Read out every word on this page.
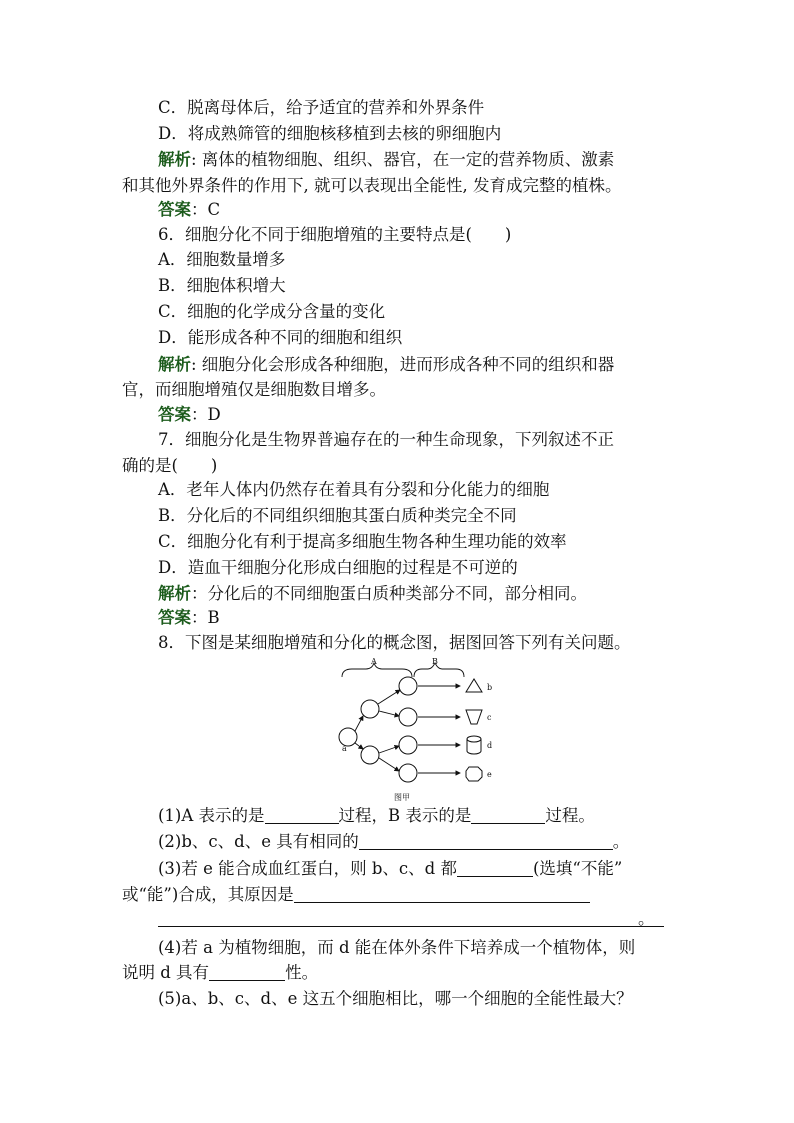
C．脱离母体后，给予适宜的营养和外界条件
D．将成熟筛管的细胞核移植到去核的卵细胞内
解析: 离体的植物细胞、组织、器官，在一定的营养物质、激素
和其他外界条件的作用下, 就可以表现出全能性, 发育成完整的植株。
答案：C
6．细胞分化不同于细胞增殖的主要特点是(　　)
A．细胞数量增多
B．细胞体积增大
C．细胞的化学成分含量的变化
D．能形成各种不同的细胞和组织
解析: 细胞分化会形成各种细胞，进而形成各种不同的组织和器
官，而细胞增殖仅是细胞数目增多。
答案：D
7．细胞分化是生物界普遍存在的一种生命现象，下列叙述不正
确的是(　　)
A．老年人体内仍然存在着具有分裂和分化能力的细胞
B．分化后的不同组织细胞其蛋白质种类完全不同
C．细胞分化有利于提高多细胞生物各种生理功能的效率
D．造血干细胞分化形成白细胞的过程是不可逆的
解析：分化后的不同细胞蛋白质种类部分不同，部分相同。
答案：B
8．下图是某细胞增殖和分化的概念图，据图回答下列有关问题。
A	B
a
b
c
d
e
图甲
(1)A 表示的是	过程，B 表示的是	过程。
(2)b、c、d、e 具有相同的	。
(3)若 e 能合成血红蛋白，则 b、c、d 都	(选填“不能”
或“能”)合成，其原因是
。
(4)若 a 为植物细胞，而 d 能在体外条件下培养成一个植物体，则
说明 d 具有	性。
(5)a、b、c、d、e 这五个细胞相比，哪一个细胞的全能性最大？
